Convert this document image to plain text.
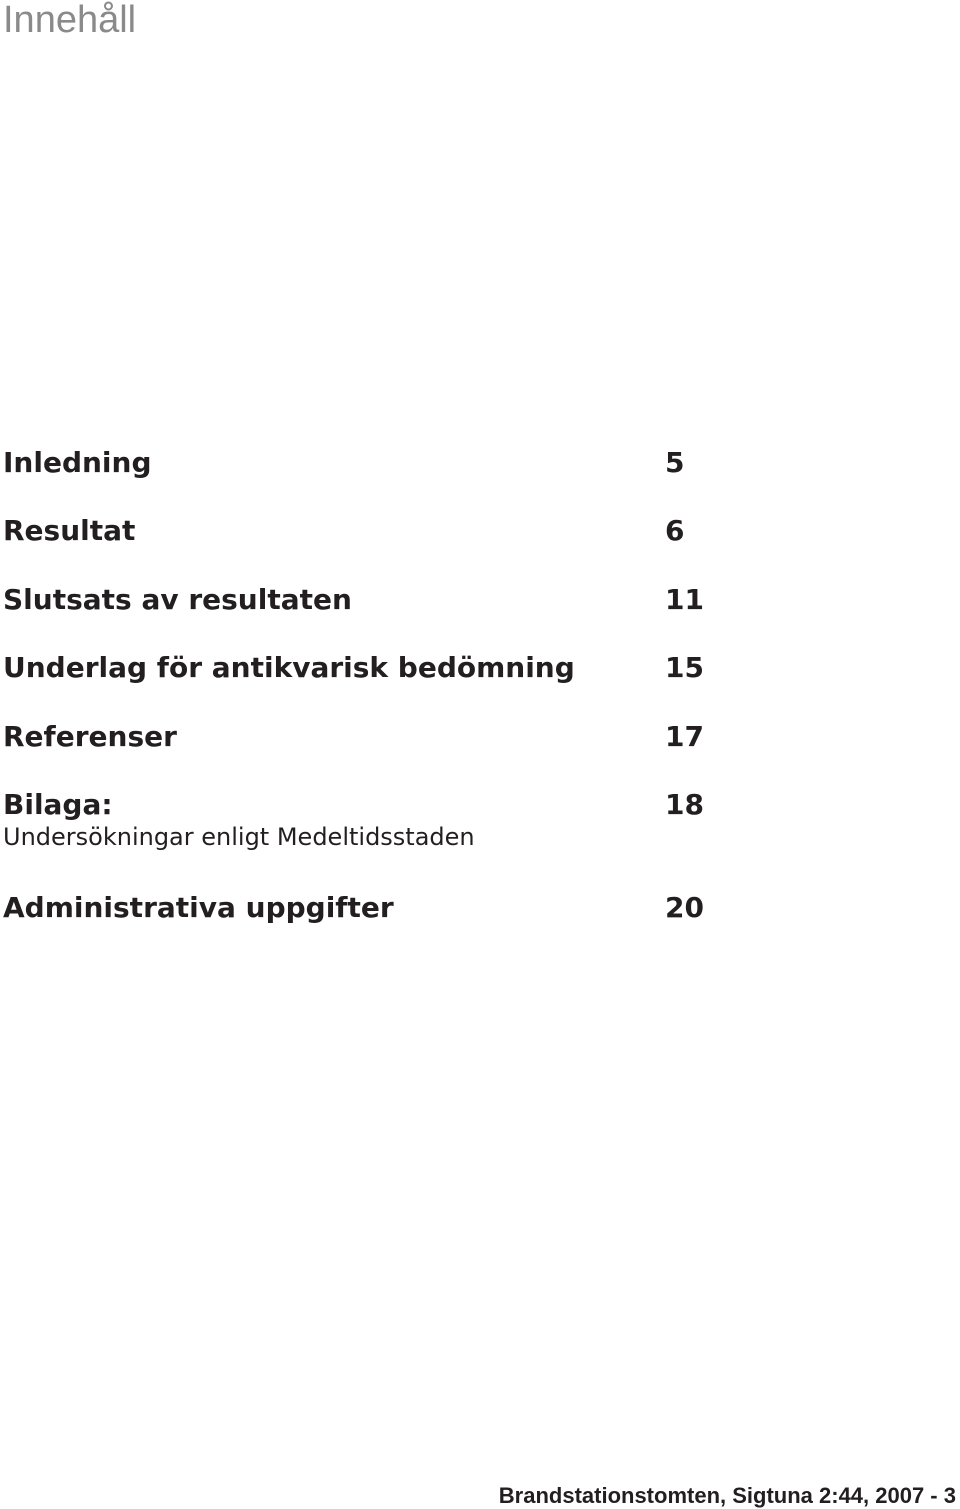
Innehåll
Inledning	5
Resultat	6
Slutsats av resultaten	11
Underlag för antikvarisk bedömning	15
Referenser	17
Bilaga:	18
Undersökningar enligt Medeltidsstaden
Administrativa uppgifter	20
Brandstationstomten, Sigtuna 2:44, 2007 - 3
